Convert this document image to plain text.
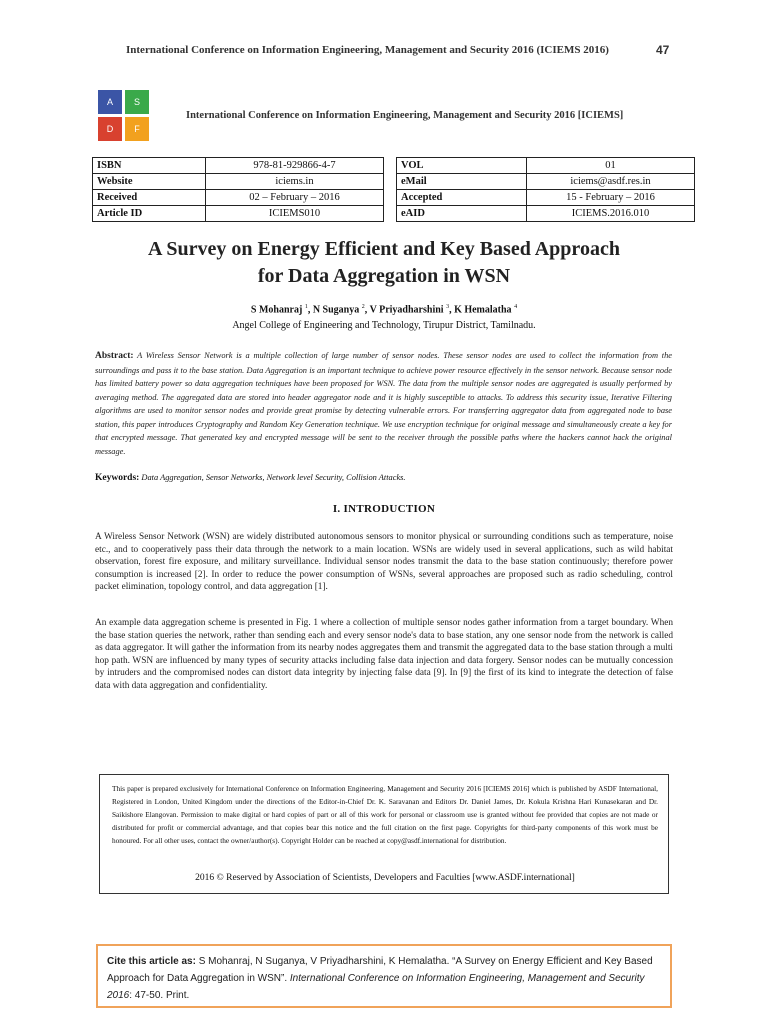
International Conference on Information Engineering, Management and Security 2016 (ICIEMS 2016)	47
A	S
D	F
International Conference on Information Engineering, Management and Security 2016 [ICIEMS]
ISBN	978-81-929866-4-7
Website	iciems.in
Received	02 – February – 2016
Article ID	ICIEMS010
VOL	01
eMail	iciems@asdf.res.in
Accepted	15 - February – 2016
eAID	ICIEMS.2016.010
A Survey on Energy Efficient and Key Based Approach
for Data Aggregation in WSN
S Mohanraj $^1$, N Suganya $^2$, V Priyadharshini $^3$, K Hemalatha $^4$
Angel College of Engineering and Technology, Tirupur District, Tamilnadu.
Abstract: A Wireless Sensor Network is a multiple collection of large number of sensor nodes. These sensor nodes are used to collect the information from the surroundings and pass it to the base station. Data Aggregation is an important technique to achieve power resource effectively in the sensor network. Because sensor node has limited battery power so data aggregation techniques have been proposed for WSN. The data from the multiple sensor nodes are aggregated is usually performed by averaging method. The aggregated data are stored into header aggregator node and it is highly susceptible to attacks. To address this security issue, Iterative Filtering algorithms are used to monitor sensor nodes and provide great promise by detecting vulnerable errors. For transferring aggregator data from aggregated node to base station, this paper introduces Cryptography and Random Key Generation technique. We use encryption technique for original message and simultaneously create a key for that encrypted message. That generated key and encrypted message will be sent to the receiver through the possible paths where the hackers cannot hack the original message.
Keywords: Data Aggregation, Sensor Networks, Network level Security, Collision Attacks.
I. INTRODUCTION
A Wireless Sensor Network (WSN) are widely distributed autonomous sensors to monitor physical or surrounding conditions such as temperature, noise etc., and to cooperatively pass their data through the network to a main location. WSNs are widely used in several applications, such as wild habitat observation, forest fire exposure, and military surveillance. Individual sensor nodes transmit the data to the base station continuously; therefore power consumption is increased [2]. In order to reduce the power consumption of WSNs, several approaches are proposed such as radio scheduling, control packet elimination, topology control, and data aggregation [1].
An example data aggregation scheme is presented in Fig. 1 where a collection of multiple sensor nodes gather information from a target boundary. When the base station queries the network, rather than sending each and every sensor node's data to base station, any one sensor node from the network is called as data aggregator. It will gather the information from its nearby nodes aggregates them and transmit the aggregated data to the base station through a multi hop path. WSN are influenced by many types of security attacks including false data injection and data forgery. Sensor nodes can be mutually concession by intruders and the compromised nodes can distort data integrity by injecting false data [9]. In [9] the first of its kind to integrate the detection of false data with data aggregation and confidentiality.
This paper is prepared exclusively for International Conference on Information Engineering, Management and Security 2016 [ICIEMS 2016] which is published by ASDF International, Registered in London, United Kingdom under the directions of the Editor-in-Chief Dr. K. Saravanan and Editors Dr. Daniel James, Dr. Kokula Krishna Hari Kunasekaran and Dr. Saikishore Elangovan. Permission to make digital or hard copies of part or all of this work for personal or classroom use is granted without fee provided that copies are not made or distributed for profit or commercial advantage, and that copies bear this notice and the full citation on the first page. Copyrights for third-party components of this work must be honoured. For all other uses, contact the owner/author(s). Copyright Holder can be reached at copy@asdf.international for distribution.
2016 © Reserved by Association of Scientists, Developers and Faculties [www.ASDF.international]
Cite this article as: S Mohanraj, N Suganya, V Priyadharshini, K Hemalatha. “A Survey on Energy Efficient and Key Based Approach for Data Aggregation in WSN”. International Conference on Information Engineering, Management and Security 2016: 47-50. Print.
